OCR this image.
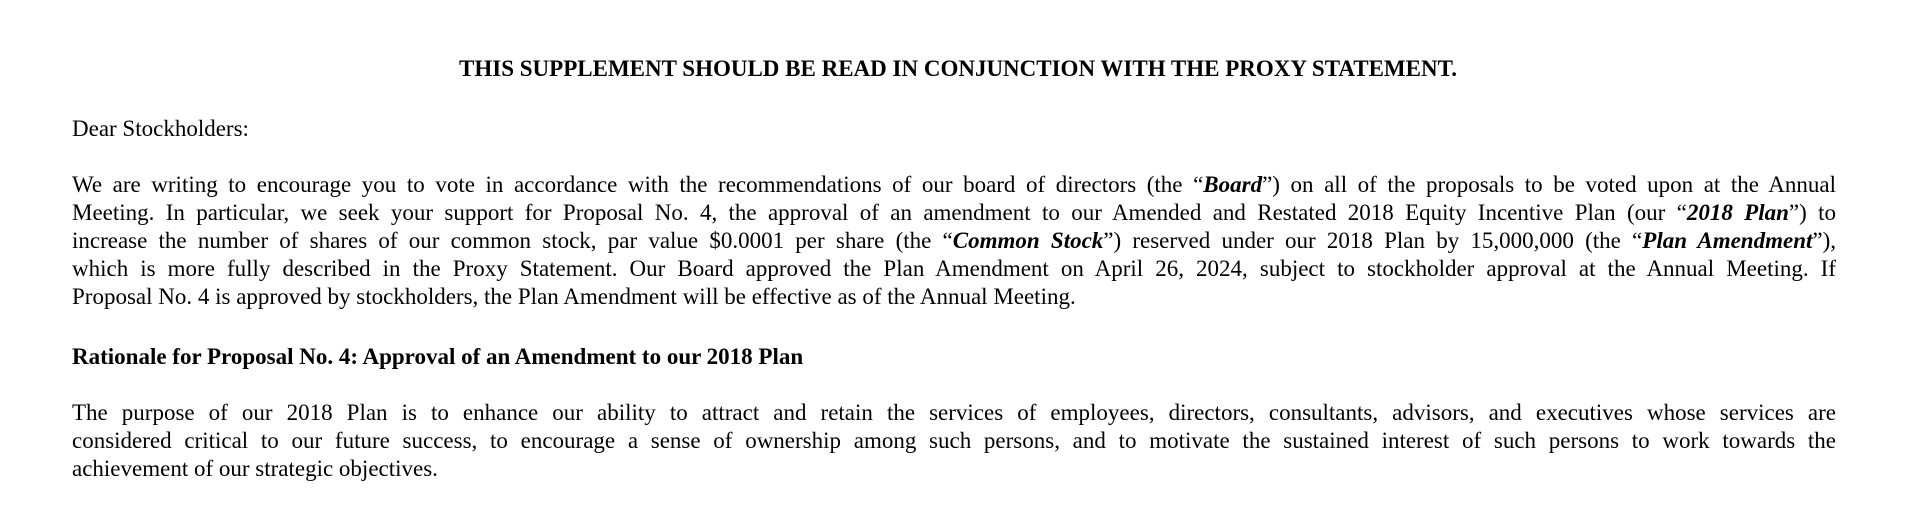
THIS SUPPLEMENT SHOULD BE READ IN CONJUNCTION WITH THE PROXY STATEMENT.
Dear Stockholders:
We are writing to encourage you to vote in accordance with the recommendations of our board of directors (the “Board”) on all of the proposals to be voted upon at the Annual
Meeting. In particular, we seek your support for Proposal No. 4, the approval of an amendment to our Amended and Restated 2018 Equity Incentive Plan (our “2018 Plan”) to
increase the number of shares of our common stock, par value $0.0001 per share (the “Common Stock”) reserved under our 2018 Plan by 15,000,000 (the “Plan Amendment”),
which is more fully described in the Proxy Statement. Our Board approved the Plan Amendment on April 26, 2024, subject to stockholder approval at the Annual Meeting. If
Proposal No. 4 is approved by stockholders, the Plan Amendment will be effective as of the Annual Meeting.
Rationale for Proposal No. 4: Approval of an Amendment to our 2018 Plan
The purpose of our 2018 Plan is to enhance our ability to attract and retain the services of employees, directors, consultants, advisors, and executives whose services are
considered critical to our future success, to encourage a sense of ownership among such persons, and to motivate the sustained interest of such persons to work towards the
achievement of our strategic objectives.
